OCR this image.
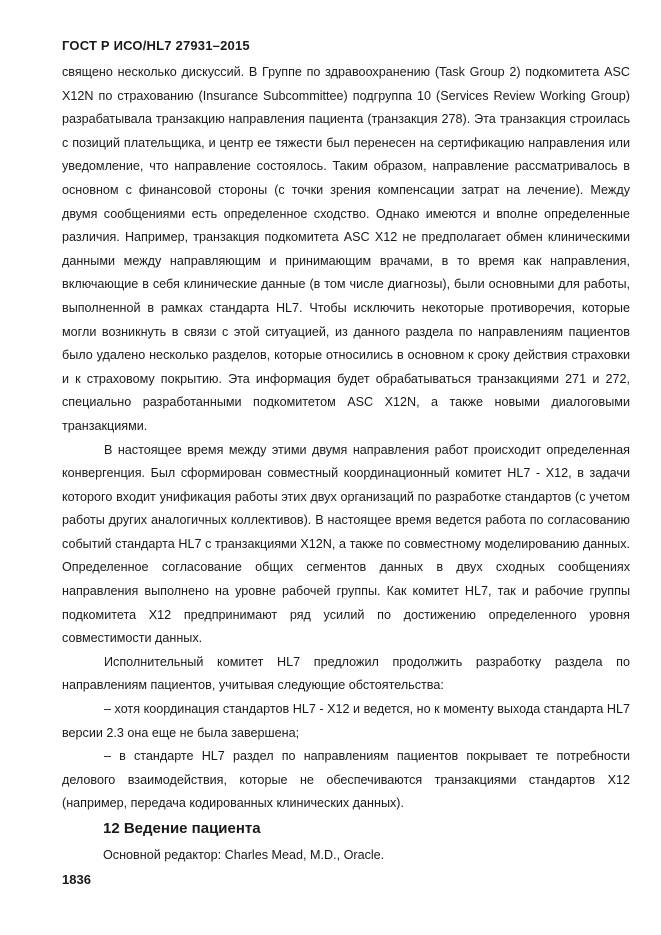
ГОСТ Р ИСО/HL7 27931–2015

священо несколько дискуссий. В Группе по здравоохранению (Task Group 2) подкомитета ASC X12N по страхованию (Insurance Subcommittee) подгруппа 10 (Services Review Working Group) разрабатывала транзакцию направления пациента (транзакция 278). Эта транзакция строилась с позиций плательщика, и центр ее тяжести был перенесен на сертификацию направления или уведомление, что направление состоялось. Таким образом, направление рассматривалось в основном с финансовой стороны (с точки зрения компенсации затрат на лечение). Между двумя сообщениями есть определенное сходство. Однако имеются и вполне определенные различия. Например, транзакция подкомитета ASC X12 не предполагает обмен клиническими данными между направляющим и принимающим врачами, в то время как направления, включающие в себя клинические данные (в том числе диагнозы), были основными для работы, выполненной в рамках стандарта HL7. Чтобы исключить некоторые противоречия, которые могли возникнуть в связи с этой ситуацией, из данного раздела по направлениям пациентов было удалено несколько разделов, которые относились в основном к сроку действия страховки и к страховому покрытию. Эта информация будет обрабатываться транзакциями 271 и 272, специально разработанными подкомитетом ASC X12N, а также новыми диалоговыми транзакциями.

В настоящее время между этими двумя направления работ происходит определенная конвергенция. Был сформирован совместный координационный комитет HL7 - X12, в задачи которого входит унификация работы этих двух организаций по разработке стандартов (с учетом работы других аналогичных коллективов). В настоящее время ведется работа по согласованию событий стандарта HL7 с транзакциями X12N, а также по совместному моделированию данных. Определенное согласование общих сегментов данных в двух сходных сообщениях направления выполнено на уровне рабочей группы. Как комитет HL7, так и рабочие группы подкомитета X12 предпринимают ряд усилий по достижению определенного уровня совместимости данных.

Исполнительный комитет HL7 предложил продолжить разработку раздела по направлениям пациентов, учитывая следующие обстоятельства:

– хотя координация стандартов HL7 - X12 и ведется, но к моменту выхода стандарта HL7 версии 2.3 она еще не была завершена;

– в стандарте HL7 раздел по направлениям пациентов покрывает те потребности делового взаимодействия, которые не обеспечиваются транзакциями стандартов X12 (например, передача кодированных клинических данных).

12 Ведение пациента
Основной редактор: Charles Mead, M.D., Oracle.
1836
